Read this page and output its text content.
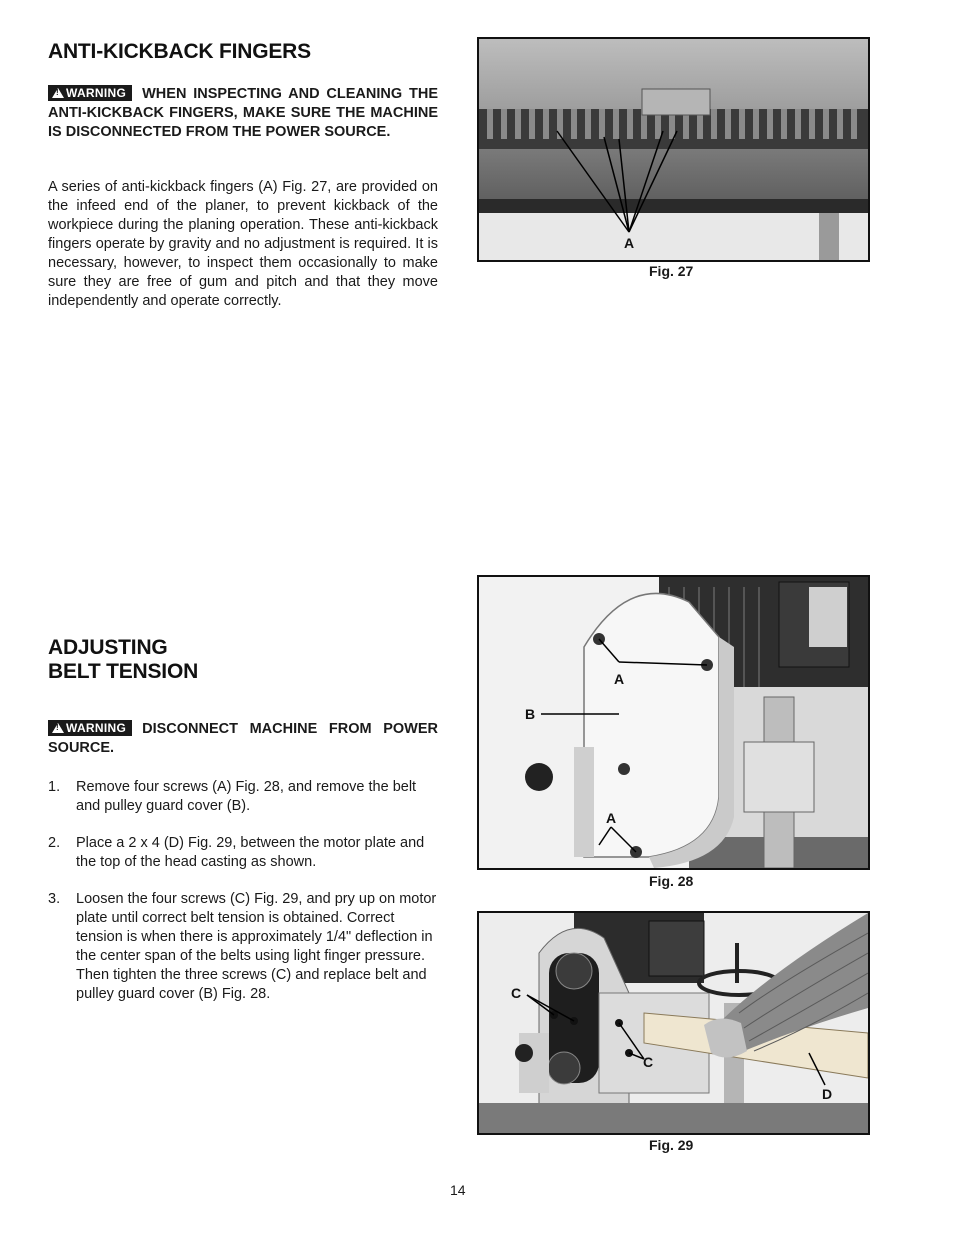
ANTI-KICKBACK FINGERS
!WARNING WHEN INSPECTING AND CLEANING THE ANTI-KICKBACK FINGERS, MAKE SURE THE MACHINE IS DISCONNECTED FROM THE POWER SOURCE.

A series of anti-kickback fingers (A) Fig. 27, are provided on the infeed end of the planer, to prevent kickback of the workpiece during the planing operation. These anti-kickback fingers operate by gravity and no adjustment is required. It is necessary, however, to inspect them occasionally to make sure they are free of gum and pitch and that they move independently and operate correctly.

A
Fig. 27
ADJUSTING
BELT TENSION
!WARNING DISCONNECT MACHINE FROM POWER SOURCE.
1. Remove four screws (A) Fig. 28, and remove the belt and pulley guard cover (B).
2. Place a 2 x 4 (D) Fig. 29, between the motor plate and the top of the head casting as shown.
3. Loosen the four screws (C) Fig. 29, and pry up on motor plate until correct belt tension is obtained. Correct tension is when there is approximately 1/4" deflection in the center span of the belts using light finger pressure. Then tighten the three screws (C) and replace belt and pulley guard cover (B) Fig. 28.
A
B
A
Fig. 28
C
C
D
Fig. 29
14
